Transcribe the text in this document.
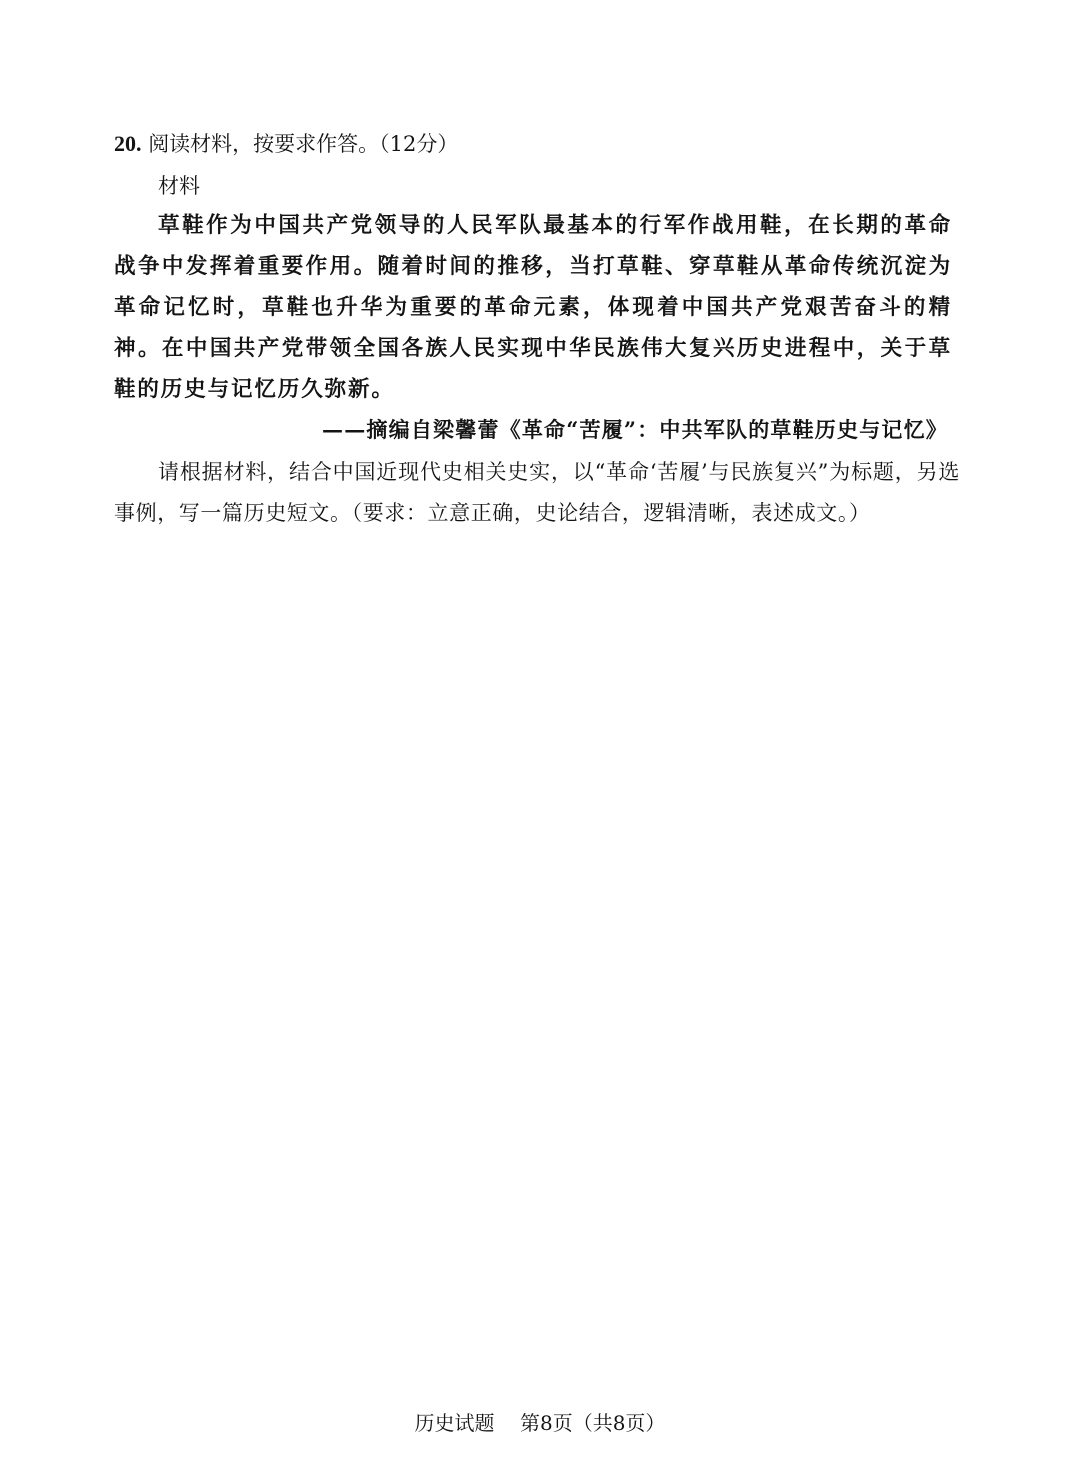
20. 阅读材料，按要求作答。（12分）
材料

草鞋作为中国共产党领导的人民军队最基本的行军作战用鞋，在长期的革命战争中发挥着重要作用。随着时间的推移，当打草鞋、穿草鞋从革命传统沉淀为革命记忆时，草鞋也升华为重要的革命元素，体现着中国共产党艰苦奋斗的精神。在中国共产党带领全国各族人民实现中华民族伟大复兴历史进程中，关于草鞋的历史与记忆历久弥新。

——摘编自梁馨蕾《革命“苦履”：中共军队的草鞋历史与记忆》

请根据材料，结合中国近现代史相关史实，以“革命‘苦履’与民族复兴”为标题，另选事例，写一篇历史短文。（要求：立意正确，史论结合，逻辑清晰，表述成文。）

历史试题 第8页（共8页）
